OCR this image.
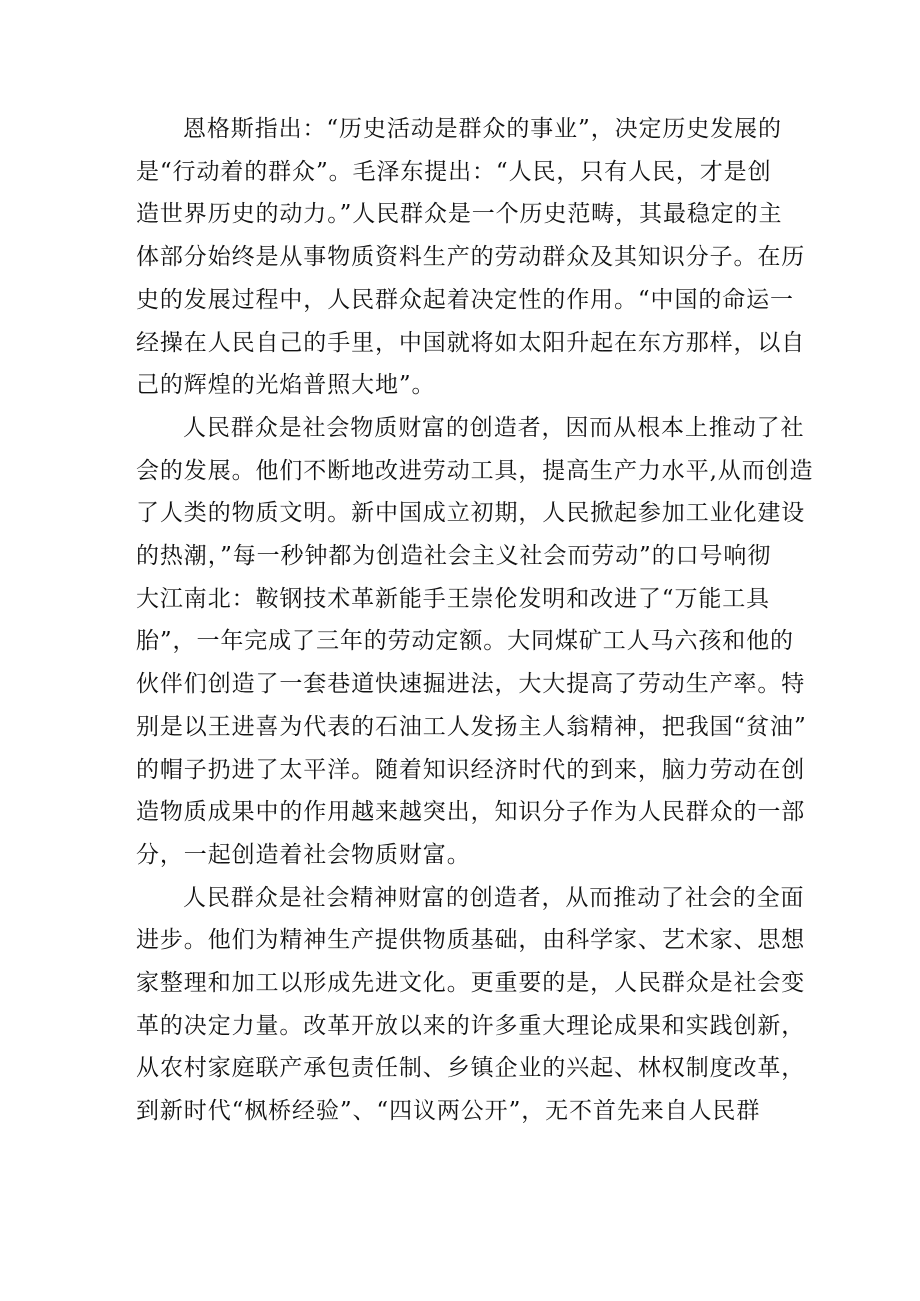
恩格斯指出：“历史活动是群众的事业”，决定历史发展的
是“行动着的群众”。毛泽东提出：“人民，只有人民，才是创
造世界历史的动力。”人民群众是一个历史范畴，其最稳定的主
体部分始终是从事物质资料生产的劳动群众及其知识分子。在历
史的发展过程中，人民群众起着决定性的作用。“中国的命运一
经操在人民自己的手里，中国就将如太阳升起在东方那样，以自
己的辉煌的光焰普照大地”。

人民群众是社会物质财富的创造者，因而从根本上推动了社
会的发展。他们不断地改进劳动工具，提高生产力水平,从而创造
了人类的物质文明。新中国成立初期，人民掀起参加工业化建设
的热潮，”每一秒钟都为创造社会主义社会而劳动”的口号响彻
大江南北：鞍钢技术革新能手王崇伦发明和改进了“万能工具
胎”，一年完成了三年的劳动定额。大同煤矿工人马六孩和他的
伙伴们创造了一套巷道快速掘进法，大大提高了劳动生产率。特
别是以王进喜为代表的石油工人发扬主人翁精神，把我国“贫油”
的帽子扔进了太平洋。随着知识经济时代的到来，脑力劳动在创
造物质成果中的作用越来越突出，知识分子作为人民群众的一部
分，一起创造着社会物质财富。

人民群众是社会精神财富的创造者，从而推动了社会的全面
进步。他们为精神生产提供物质基础，由科学家、艺术家、思想
家整理和加工以形成先进文化。更重要的是，人民群众是社会变
革的决定力量。改革开放以来的许多重大理论成果和实践创新，
从农村家庭联产承包责任制、乡镇企业的兴起、林权制度改革，
到新时代“枫桥经验”、“四议两公开”，无不首先来自人民群
